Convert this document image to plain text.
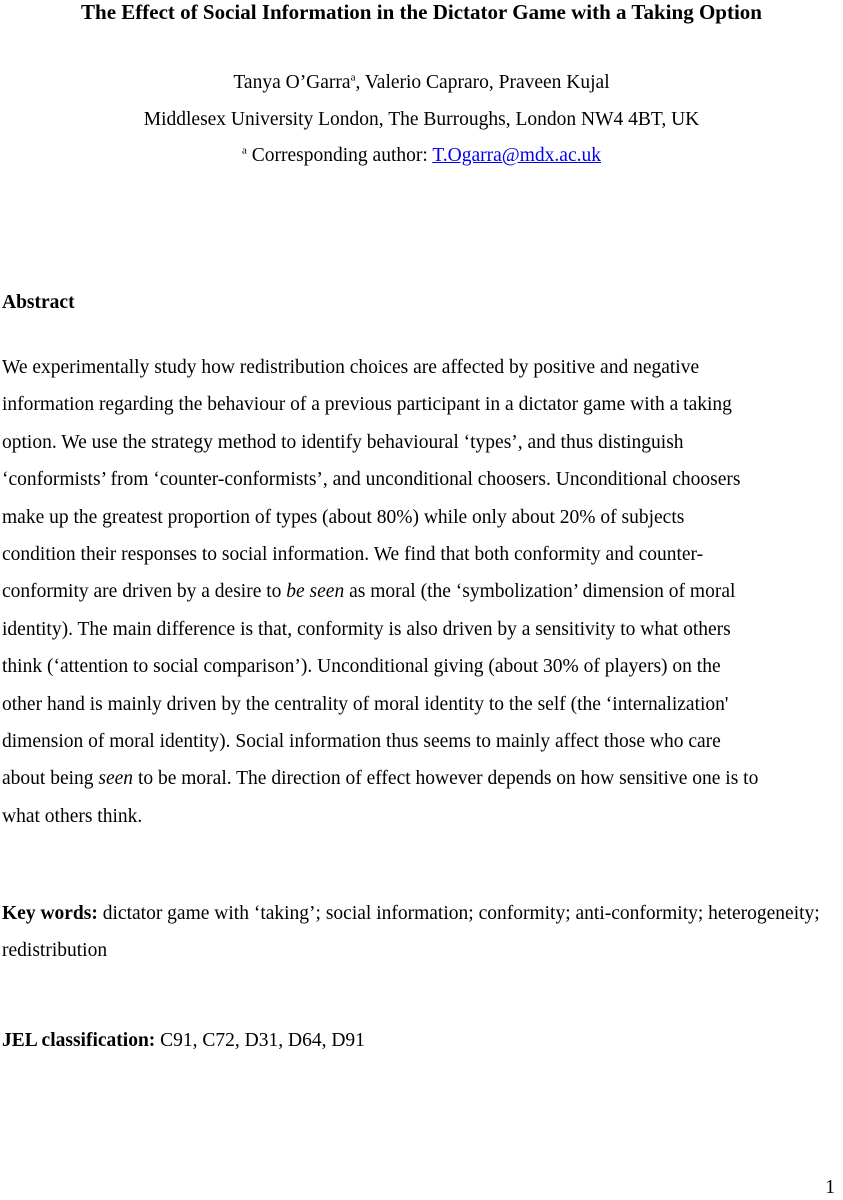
The Effect of Social Information in the Dictator Game with a Taking Option
Tanya O’Garra$^a$, Valerio Capraro, Praveen Kujal
Middlesex University London, The Burroughs, London NW4 4BT, UK
$^a$ Corresponding author: T.Ogarra@mdx.ac.uk
Abstract
We experimentally study how redistribution choices are affected by positive and negative
information regarding the behaviour of a previous participant in a dictator game with a taking
option. We use the strategy method to identify behavioural ‘types’, and thus distinguish
‘conformists’ from ‘counter-conformists’, and unconditional choosers. Unconditional choosers
make up the greatest proportion of types (about 80%) while only about 20% of subjects
condition their responses to social information. We find that both conformity and counter-
conformity are driven by a desire to be seen as moral (the ‘symbolization’ dimension of moral
identity). The main difference is that, conformity is also driven by a sensitivity to what others
think (‘attention to social comparison’). Unconditional giving (about 30% of players) on the
other hand is mainly driven by the centrality of moral identity to the self (the ‘internalization'
dimension of moral identity). Social information thus seems to mainly affect those who care
about being seen to be moral. The direction of effect however depends on how sensitive one is to
what others think.
Key words: dictator game with ‘taking’; social information; conformity; anti-conformity; heterogeneity; redistribution
JEL classification: C91, C72, D31, D64, D91
1
